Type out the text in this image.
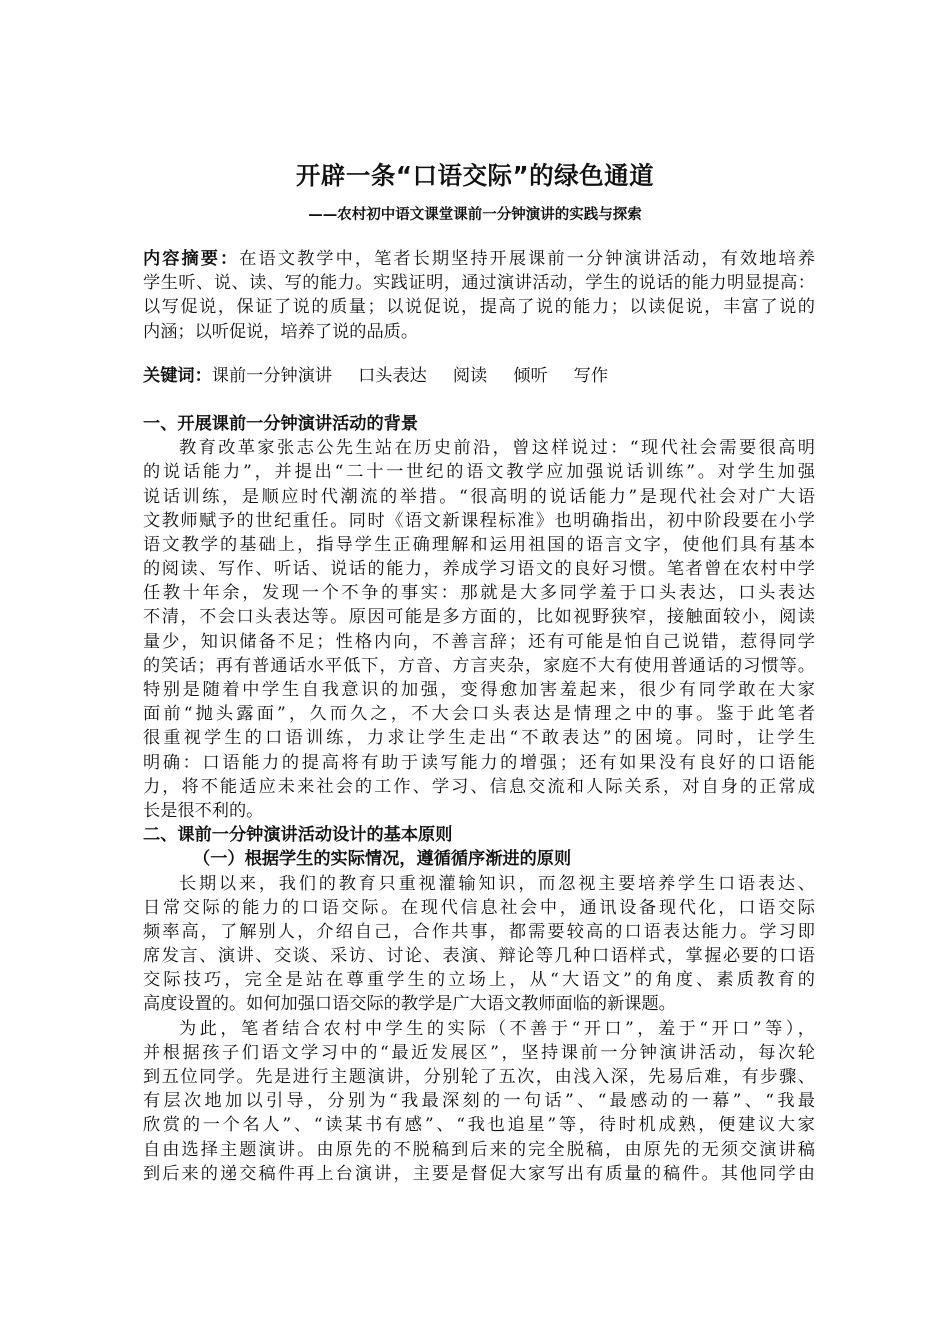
开辟一条“口语交际”的绿色通道
——农村初中语文课堂课前一分钟演讲的实践与探索
内容摘要：在语文教学中，笔者长期坚持开展课前一分钟演讲活动，有效地培养
学生听、说、读、写的能力。实践证明，通过演讲活动，学生的说话的能力明显提高：
以写促说，保证了说的质量；以说促说，提高了说的能力；以读促说，丰富了说的
内涵；以听促说，培养了说的品质。
关键词：课前一分钟演讲 口头表达 阅读 倾听 写作
一、开展课前一分钟演讲活动的背景
教育改革家张志公先生站在历史前沿，曾这样说过：“现代社会需要很高明
的说话能力”，并提出“二十一世纪的语文教学应加强说话训练”。对学生加强
说话训练，是顺应时代潮流的举措。“很高明的说话能力”是现代社会对广大语
文教师赋予的世纪重任。同时《语文新课程标准》也明确指出，初中阶段要在小学
语文教学的基础上，指导学生正确理解和运用祖国的语言文字，使他们具有基本
的阅读、写作、听话、说话的能力，养成学习语文的良好习惯。笔者曾在农村中学
任教十年余，发现一个不争的事实：那就是大多同学羞于口头表达，口头表达
不清，不会口头表达等。原因可能是多方面的，比如视野狭窄，接触面较小，阅读
量少，知识储备不足；性格内向，不善言辞；还有可能是怕自己说错，惹得同学
的笑话；再有普通话水平低下，方音、方言夹杂，家庭不大有使用普通话的习惯等。
特别是随着中学生自我意识的加强，变得愈加害羞起来，很少有同学敢在大家
面前“抛头露面”，久而久之，不大会口头表达是情理之中的事。鉴于此笔者
很重视学生的口语训练，力求让学生走出“不敢表达”的困境。同时，让学生
明确：口语能力的提高将有助于读写能力的增强；还有如果没有良好的口语能
力，将不能适应未来社会的工作、学习、信息交流和人际关系，对自身的正常成
长是很不利的。
二、课前一分钟演讲活动设计的基本原则
（一）根据学生的实际情况，遵循循序渐进的原则
长期以来，我们的教育只重视灌输知识，而忽视主要培养学生口语表达、
日常交际的能力的口语交际。在现代信息社会中，通讯设备现代化，口语交际
频率高，了解别人，介绍自己，合作共事，都需要较高的口语表达能力。学习即
席发言、演讲、交谈、采访、讨论、表演、辩论等几种口语样式，掌握必要的口语
交际技巧，完全是站在尊重学生的立场上，从“大语文”的角度、素质教育的
高度设置的。如何加强口语交际的教学是广大语文教师面临的新课题。
为此，笔者结合农村中学生的实际（不善于“开口”，羞于“开口”等），
并根据孩子们语文学习中的“最近发展区”，坚持课前一分钟演讲活动，每次轮
到五位同学。先是进行主题演讲，分别轮了五次，由浅入深，先易后难，有步骤、
有层次地加以引导，分别为“我最深刻的一句话”、“最感动的一幕”、“我最
欣赏的一个名人”、“读某书有感”、“我也追星”等，待时机成熟，便建议大家
自由选择主题演讲。由原先的不脱稿到后来的完全脱稿，由原先的无须交演讲稿
到后来的递交稿件再上台演讲，主要是督促大家写出有质量的稿件。其他同学由
